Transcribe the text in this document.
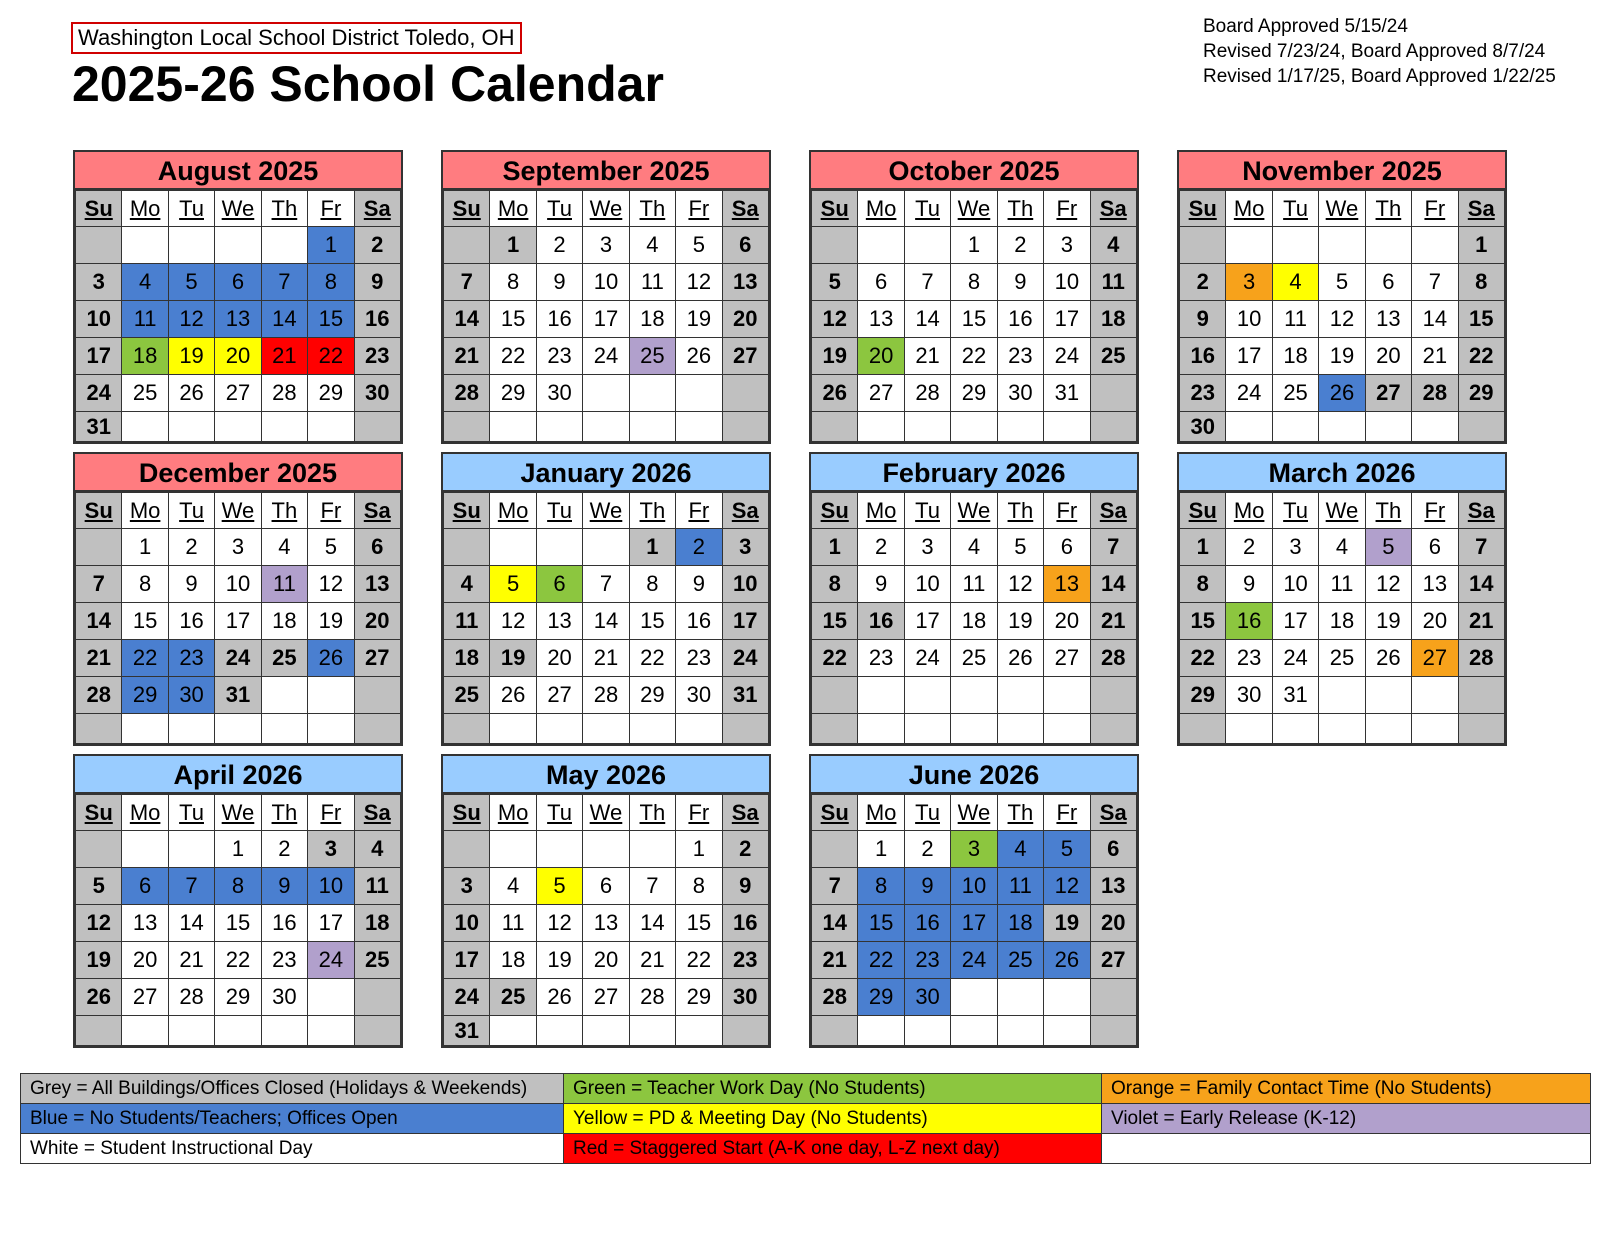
Washington Local School District Toledo, OH
2025-26 School Calendar
Board Approved 5/15/24
Revised 7/23/24, Board Approved 8/7/24
Revised 1/17/25, Board Approved 1/22/25
August 2025
Su	Mo	Tu	We	Th	Fr	Sa
					1	2
3	4	5	6	7	8	9
10	11	12	13	14	15	16
17	18	19	20	21	22	23
24	25	26	27	28	29	30
31						
September 2025
Su	Mo	Tu	We	Th	Fr	Sa
	1	2	3	4	5	6
7	8	9	10	11	12	13
14	15	16	17	18	19	20
21	22	23	24	25	26	27
28	29	30				

October 2025
Su	Mo	Tu	We	Th	Fr	Sa
			1	2	3	4
5	6	7	8	9	10	11
12	13	14	15	16	17	18
19	20	21	22	23	24	25
26	27	28	29	30	31	

November 2025
Su	Mo	Tu	We	Th	Fr	Sa
						1
2	3	4	5	6	7	8
9	10	11	12	13	14	15
16	17	18	19	20	21	22
23	24	25	26	27	28	29
30						
December 2025
Su	Mo	Tu	We	Th	Fr	Sa
	1	2	3	4	5	6
7	8	9	10	11	12	13
14	15	16	17	18	19	20
21	22	23	24	25	26	27
28	29	30	31			

January 2026
Su	Mo	Tu	We	Th	Fr	Sa
				1	2	3
4	5	6	7	8	9	10
11	12	13	14	15	16	17
18	19	20	21	22	23	24
25	26	27	28	29	30	31

February 2026
Su	Mo	Tu	We	Th	Fr	Sa
1	2	3	4	5	6	7
8	9	10	11	12	13	14
15	16	17	18	19	20	21
22	23	24	25	26	27	28

March 2026
Su	Mo	Tu	We	Th	Fr	Sa
1	2	3	4	5	6	7
8	9	10	11	12	13	14
15	16	17	18	19	20	21
22	23	24	25	26	27	28
29	30	31				

April 2026
Su	Mo	Tu	We	Th	Fr	Sa
			1	2	3	4
5	6	7	8	9	10	11
12	13	14	15	16	17	18
19	20	21	22	23	24	25
26	27	28	29	30		

May 2026
Su	Mo	Tu	We	Th	Fr	Sa
					1	2
3	4	5	6	7	8	9
10	11	12	13	14	15	16
17	18	19	20	21	22	23
24	25	26	27	28	29	30
31						
June 2026
Su	Mo	Tu	We	Th	Fr	Sa
	1	2	3	4	5	6
7	8	9	10	11	12	13
14	15	16	17	18	19	20
21	22	23	24	25	26	27
28	29	30				

Grey = All Buildings/Offices Closed (Holidays & Weekends)	Green = Teacher Work Day (No Students)	Orange = Family Contact Time (No Students)
Blue = No Students/Teachers; Offices Open	Yellow = PD & Meeting Day (No Students)	Violet = Early Release (K-12)
White = Student Instructional Day	Red = Staggered Start (A-K one day, L-Z next day)	
